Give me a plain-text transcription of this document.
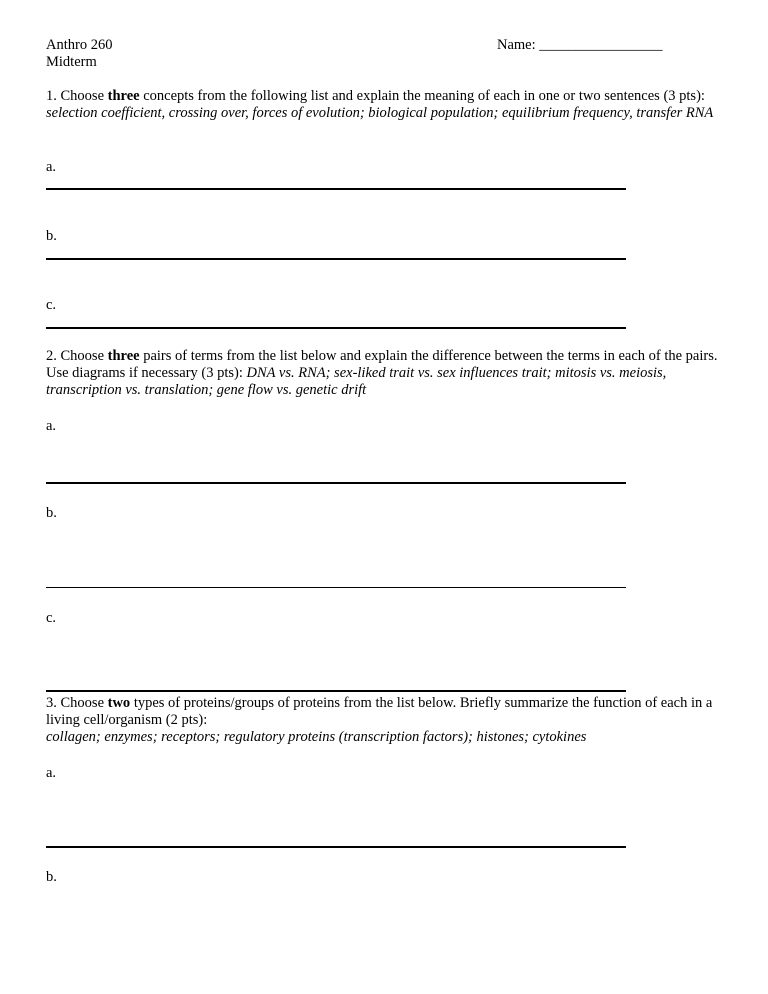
Anthro 260
Midterm
Name: _________________
1. Choose three concepts from the following list and explain the meaning of each in one or two sentences (3 pts): selection coefficient, crossing over, forces of evolution; biological population; equilibrium frequency, transfer RNA
a.
b.
c.
2. Choose three pairs of terms from the list below and explain the difference between the terms in each of the pairs. Use diagrams if necessary (3 pts): DNA vs. RNA; sex-liked trait vs. sex influences trait; mitosis vs. meiosis, transcription vs. translation; gene flow vs. genetic drift
a.
b.
c.
3. Choose two types of proteins/groups of proteins from the list below. Briefly summarize the function of each in a living cell/organism (2 pts):
collagen; enzymes; receptors; regulatory proteins (transcription factors); histones; cytokines
a.
b.
